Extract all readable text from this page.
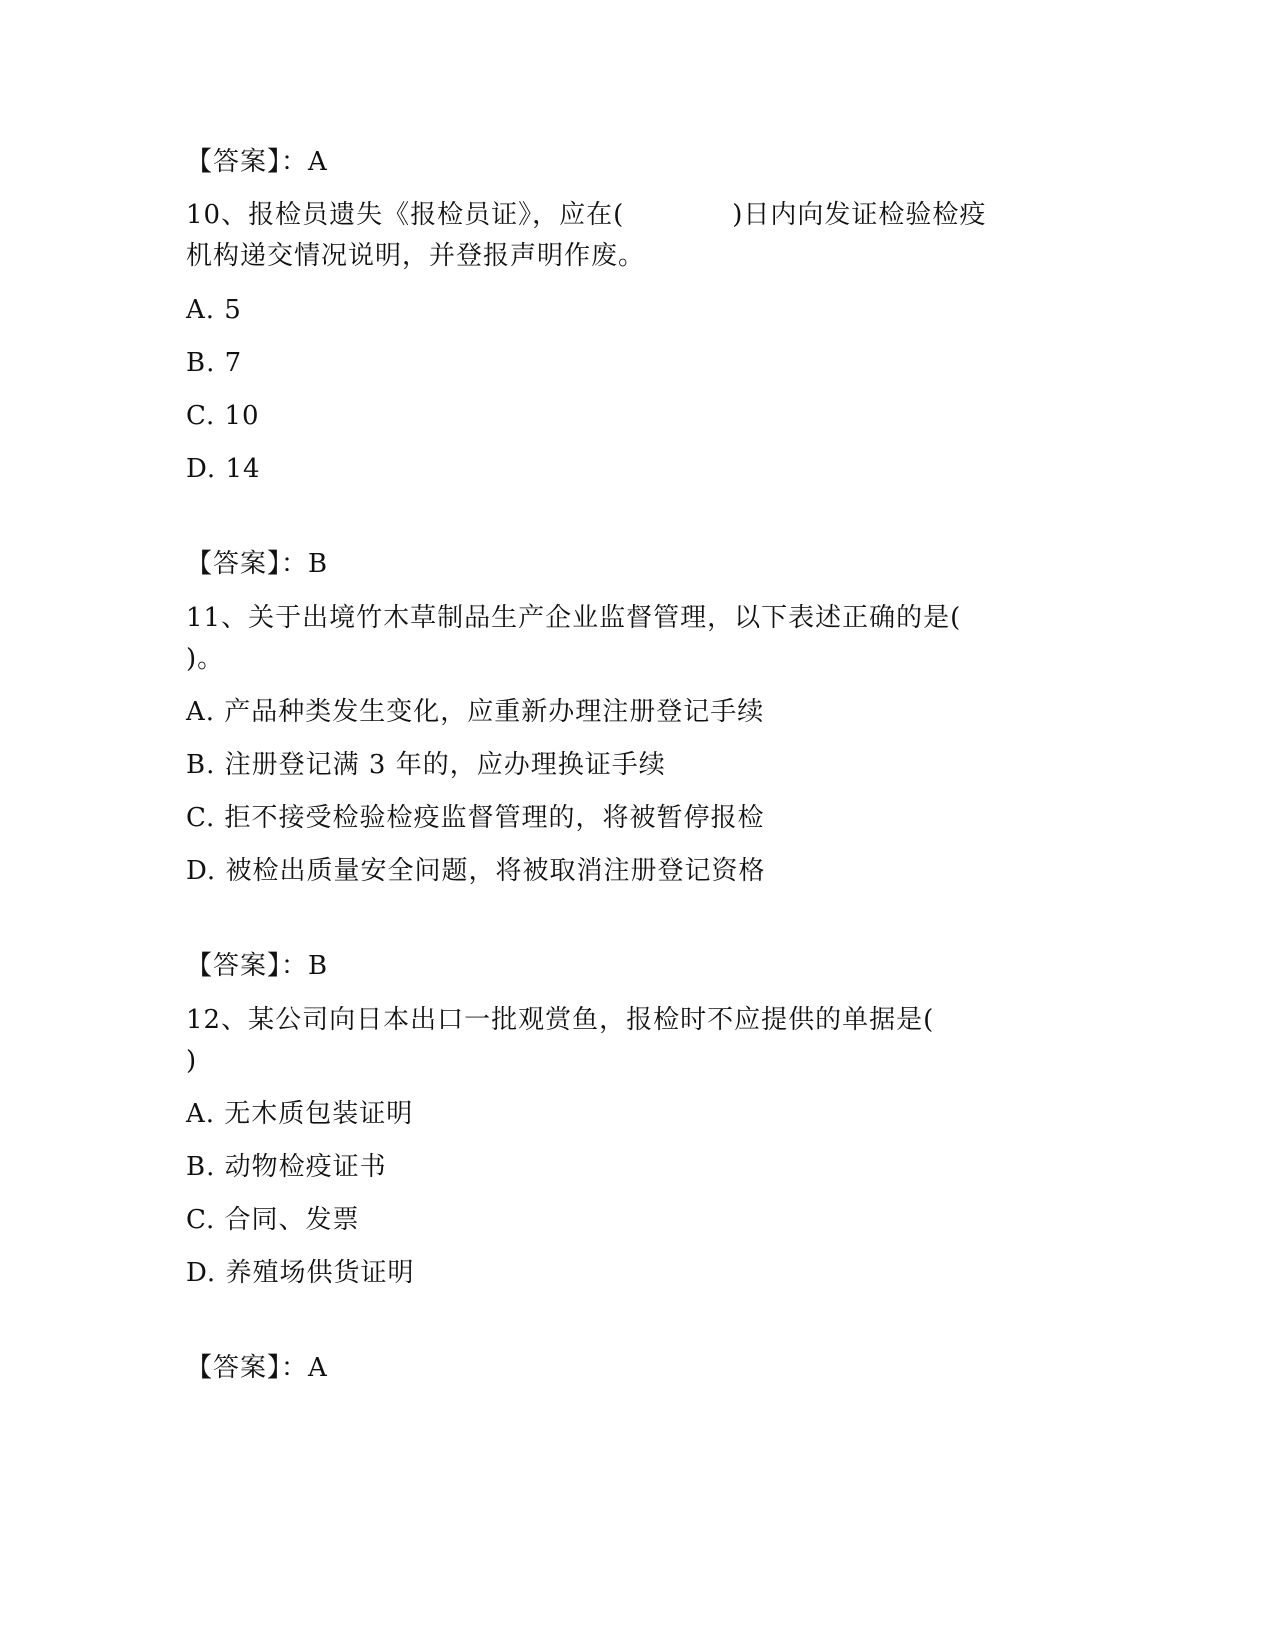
【答案】：A
10、报检员遗失《报检员证》，应在(　　　　)日内向发证检验检疫
机构递交情况说明，并登报声明作废。
A. 5
B. 7
C. 10
D. 14
【答案】：B
11、关于出境竹木草制品生产企业监督管理，以下表述正确的是(
)。
A. 产品种类发生变化，应重新办理注册登记手续
B. 注册登记满 3 年的，应办理换证手续
C. 拒不接受检验检疫监督管理的，将被暂停报检
D. 被检出质量安全问题，将被取消注册登记资格
【答案】：B
12、某公司向日本出口一批观赏鱼，报检时不应提供的单据是(
)
A. 无木质包装证明
B. 动物检疫证书
C. 合同、发票
D. 养殖场供货证明
【答案】：A
